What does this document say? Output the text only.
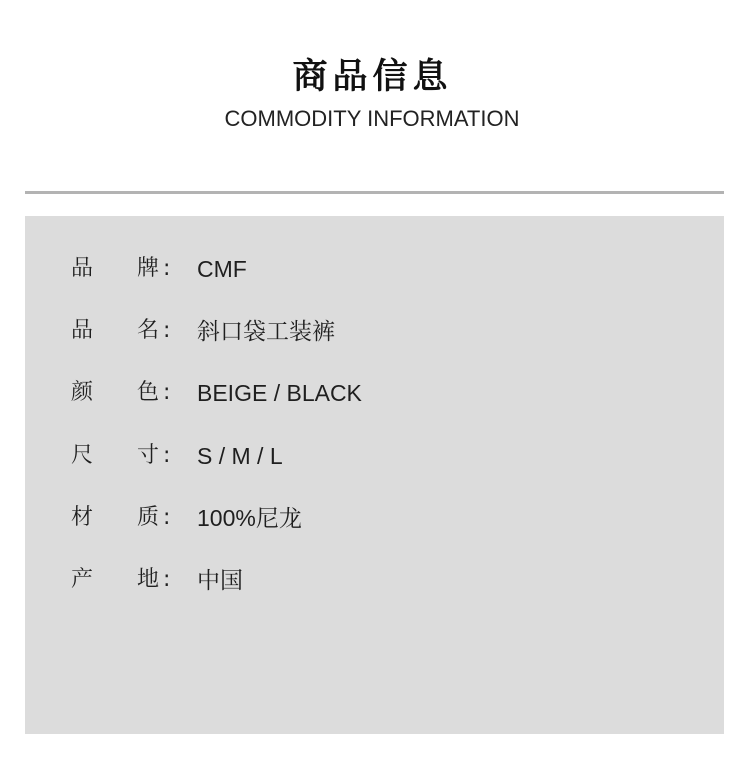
商品信息
COMMODITY INFORMATION
品 牌 : CMF
品 名 : 斜口袋工装裤
颜 色 : BEIGE / BLACK
尺 寸 : S / M / L
材 质 : 100%尼龙
产 地 : 中国
